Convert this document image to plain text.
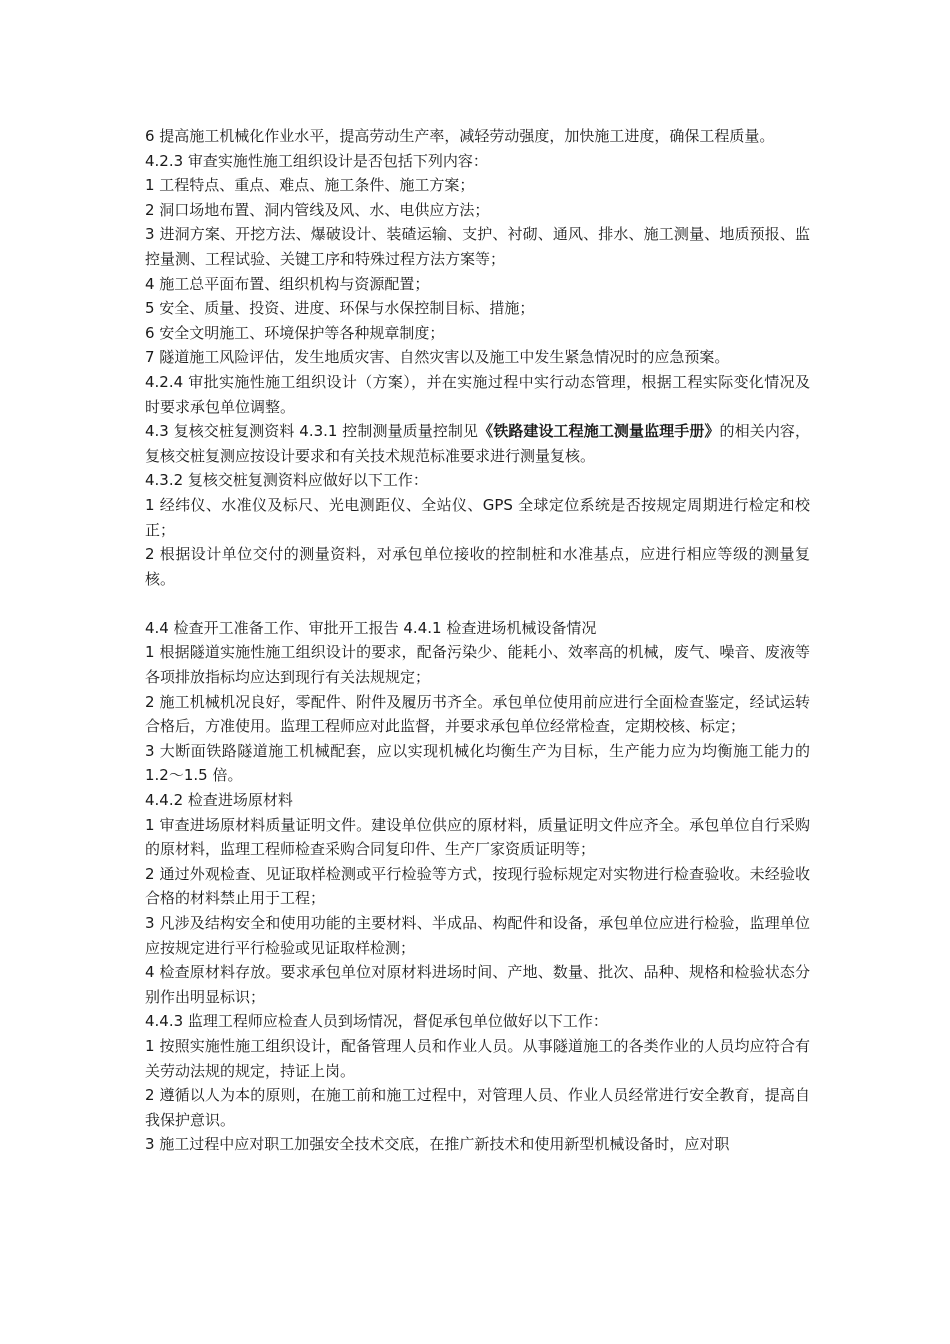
6 提高施工机械化作业水平，提高劳动生产率，减轻劳动强度，加快施工进度，确保工程质量。

4.2.3 审查实施性施工组织设计是否包括下列内容：

1 工程特点、重点、难点、施工条件、施工方案；

2 洞口场地布置、洞内管线及风、水、电供应方法；

3 进洞方案、开挖方法、爆破设计、装碴运输、支护、衬砌、通风、排水、施工测量、地质预报、监控量测、工程试验、关键工序和特殊过程方法方案等；

4 施工总平面布置、组织机构与资源配置；

5 安全、质量、投资、进度、环保与水保控制目标、措施；

6 安全文明施工、环境保护等各种规章制度；

7 隧道施工风险评估，发生地质灾害、自然灾害以及施工中发生紧急情况时的应急预案。

4.2.4 审批实施性施工组织设计（方案），并在实施过程中实行动态管理，根据工程实际变化情况及时要求承包单位调整。

4.3 复核交桩复测资料 4.3.1 控制测量质量控制见《铁路建设工程施工测量监理手册》的相关内容，复核交桩复测应按设计要求和有关技术规范标准要求进行测量复核。

4.3.2 复核交桩复测资料应做好以下工作：

1 经纬仪、水准仪及标尺、光电测距仪、全站仪、GPS 全球定位系统是否按规定周期进行检定和校正；

2 根据设计单位交付的测量资料，对承包单位接收的控制桩和水准基点，应进行相应等级的测量复核。

4.4 检查开工准备工作、审批开工报告 4.4.1 检查进场机械设备情况

1 根据隧道实施性施工组织设计的要求，配备污染少、能耗小、效率高的机械，废气、噪音、废液等各项排放指标均应达到现行有关法规规定；

2 施工机械机况良好，零配件、附件及履历书齐全。承包单位使用前应进行全面检查鉴定，经试运转合格后，方准使用。监理工程师应对此监督，并要求承包单位经常检查，定期校核、标定；

3 大断面铁路隧道施工机械配套，应以实现机械化均衡生产为目标，生产能力应为均衡施工能力的 1.2～1.5 倍。

4.4.2 检查进场原材料

1 审查进场原材料质量证明文件。建设单位供应的原材料，质量证明文件应齐全。承包单位自行采购的原材料，监理工程师检查采购合同复印件、生产厂家资质证明等；

2 通过外观检查、见证取样检测或平行检验等方式，按现行验标规定对实物进行检查验收。未经验收合格的材料禁止用于工程；

3 凡涉及结构安全和使用功能的主要材料、半成品、构配件和设备，承包单位应进行检验，监理单位应按规定进行平行检验或见证取样检测；

4 检查原材料存放。要求承包单位对原材料进场时间、产地、数量、批次、品种、规格和检验状态分别作出明显标识；

4.4.3 监理工程师应检查人员到场情况，督促承包单位做好以下工作：

1 按照实施性施工组织设计，配备管理人员和作业人员。从事隧道施工的各类作业的人员均应符合有关劳动法规的规定，持证上岗。

2 遵循以人为本的原则，在施工前和施工过程中，对管理人员、作业人员经常进行安全教育，提高自我保护意识。

3 施工过程中应对职工加强安全技术交底，在推广新技术和使用新型机械设备时，应对职
